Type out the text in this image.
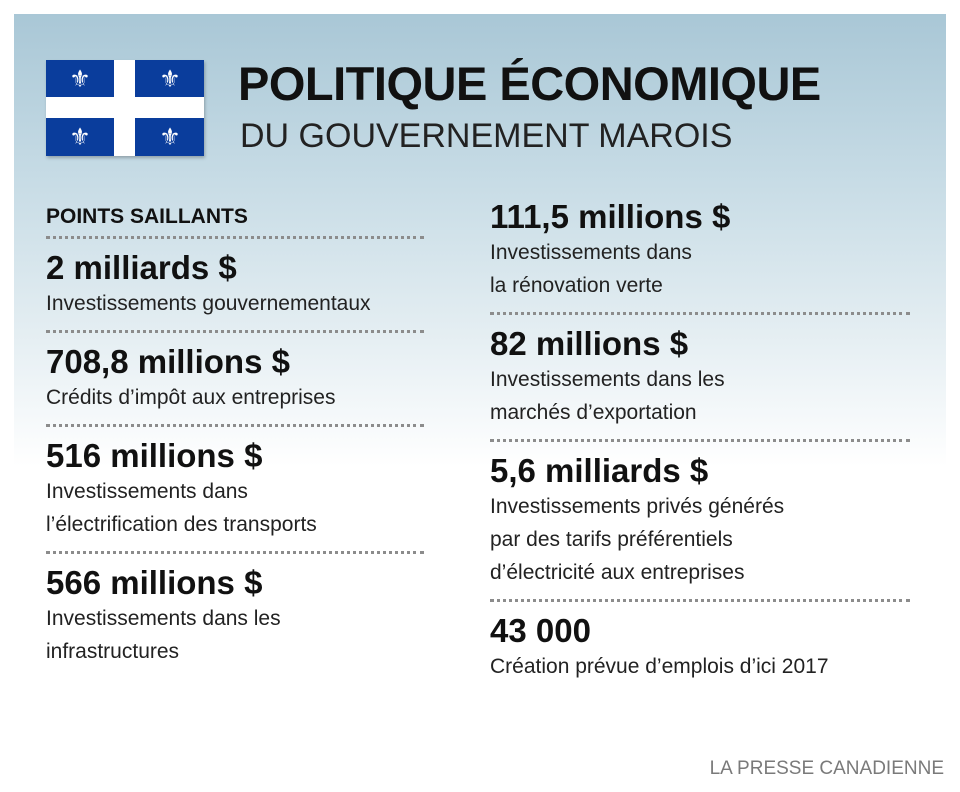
⚜	⚜
⚜	⚜
POLITIQUE ÉCONOMIQUE
DU GOUVERNEMENT MAROIS
POINTS SAILLANTS
2 milliards $
Investissements gouvernementaux
708,8 millions $
Crédits d’impôt aux entreprises
516 millions $
Investissements dans
l’électrification des transports
566 millions $
Investissements dans les
infrastructures
111,5 millions $
Investissements dans
la rénovation verte
82 millions $
Investissements dans les
marchés d’exportation
5,6 milliards $
Investissements privés générés
par des tarifs préférentiels
d’électricité aux entreprises
43 000
Création prévue d’emplois d’ici 2017
LA PRESSE CANADIENNE
